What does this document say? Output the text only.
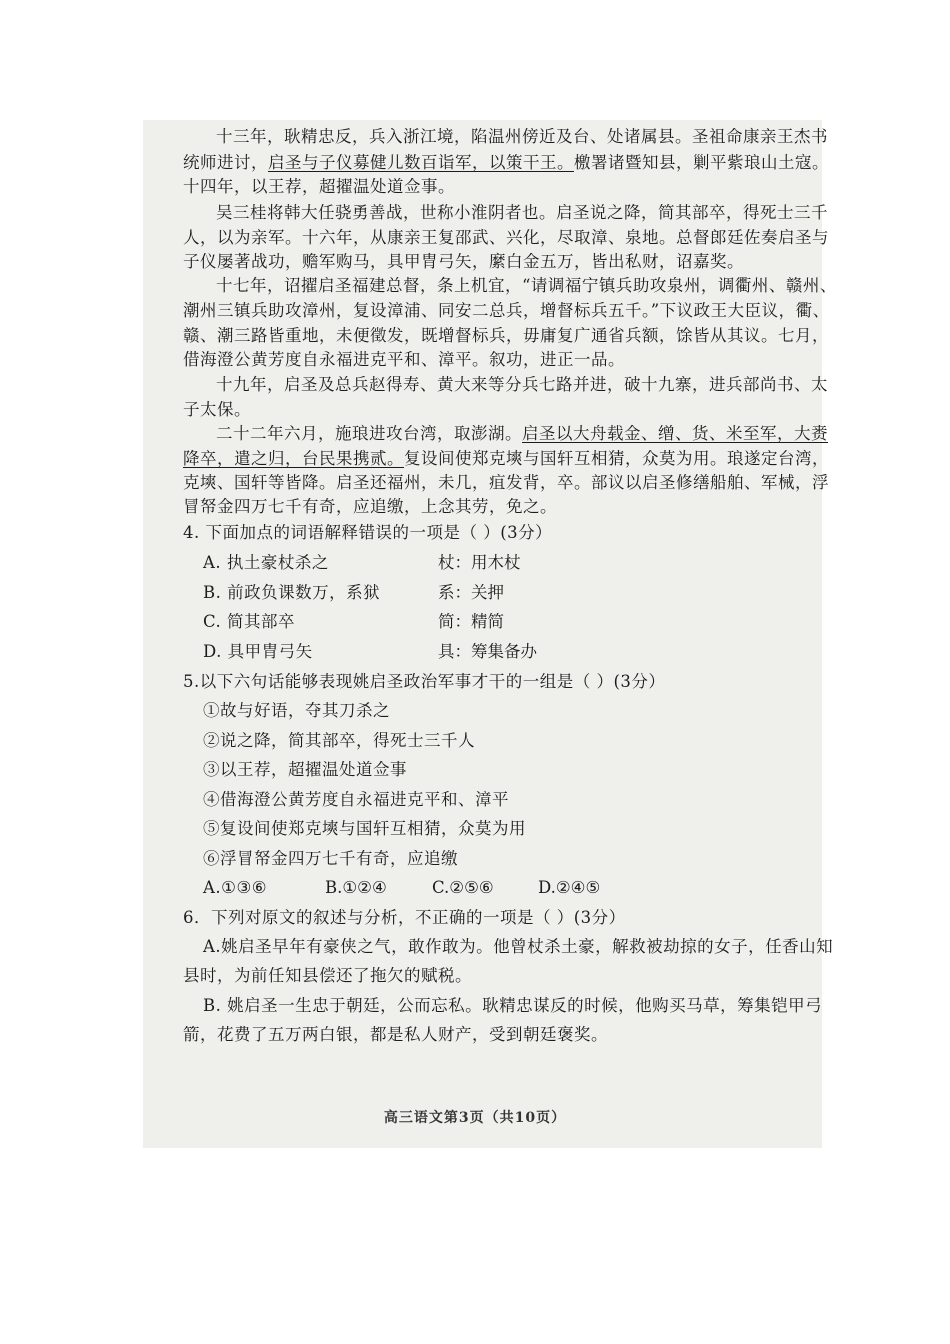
十三年，耿精忠反，兵入浙江境，陷温州傍近及台、处诸属县。圣祖命康亲王杰书
统师进讨，启圣与子仪募健儿数百诣军，以策干王。檄署诸暨知县，剿平紫琅山土寇。
十四年，以王荐，超擢温处道佥事。
吴三桂将韩大任骁勇善战，世称小淮阴者也。启圣说之降，简其部卒，得死士三千
人，以为亲军。十六年，从康亲王复邵武、兴化，尽取漳、泉地。总督郎廷佐奏启圣与
子仪屡著战功，赡军购马，具甲胄弓矢，縻白金五万，皆出私财，诏嘉奖。
十七年，诏擢启圣福建总督，条上机宜，“请调福宁镇兵助攻泉州，调衢州、赣州、
潮州三镇兵助攻漳州，复设漳浦、同安二总兵，增督标兵五千。”下议政王大臣议，衢、
赣、潮三路皆重地，未便徵发，既增督标兵，毋庸复广通省兵额，馀皆从其议。七月，
借海澄公黄芳度自永福进克平和、漳平。叙功，进正一品。
十九年，启圣及总兵赵得寿、黄大来等分兵七路并进，破十九寨，进兵部尚书、太
子太保。
二十二年六月，施琅进攻台湾，取澎湖。启圣以大舟载金、缯、货、米至军，大赉
降卒，遣之归，台民果携贰。复设间使郑克塽与国轩互相猜，众莫为用。琅遂定台湾，
克塽、国轩等皆降。启圣还福州，未几，疽发背，卒。部议以启圣修缮船舶、军械，浮
冒帑金四万七千有奇，应追缴，上念其劳，免之。
4. 下面加点的词语解释错误的一项是（ ）(3分）
A. 执土豪杖杀之	杖：用木杖
B. 前政负课数万，系狱	系：关押
C. 简其部卒	简：精简
D. 具甲胄弓矢	具：筹集备办
5.以下六句话能够表现姚启圣政治军事才干的一组是（ ）(3分）
①故与好语，夺其刀杀之
②说之降，简其部卒，得死士三千人
③以王荐，超擢温处道佥事
④借海澄公黄芳度自永福进克平和、漳平
⑤复设间使郑克塽与国轩互相猜，众莫为用
⑥浮冒帑金四万七千有奇，应追缴
A.①③⑥	B.①②④	C.②⑤⑥	D.②④⑤
6．下列对原文的叙述与分析，不正确的一项是（ ）(3分）
A.姚启圣早年有豪侠之气，敢作敢为。他曾杖杀土豪，解救被劫掠的女子，任香山知
县时，为前任知县偿还了拖欠的赋税。
B. 姚启圣一生忠于朝廷，公而忘私。耿精忠谋反的时候，他购买马草，筹集铠甲弓
箭，花费了五万两白银，都是私人财产，受到朝廷褒奖。
高三语文第3页（共10页）
